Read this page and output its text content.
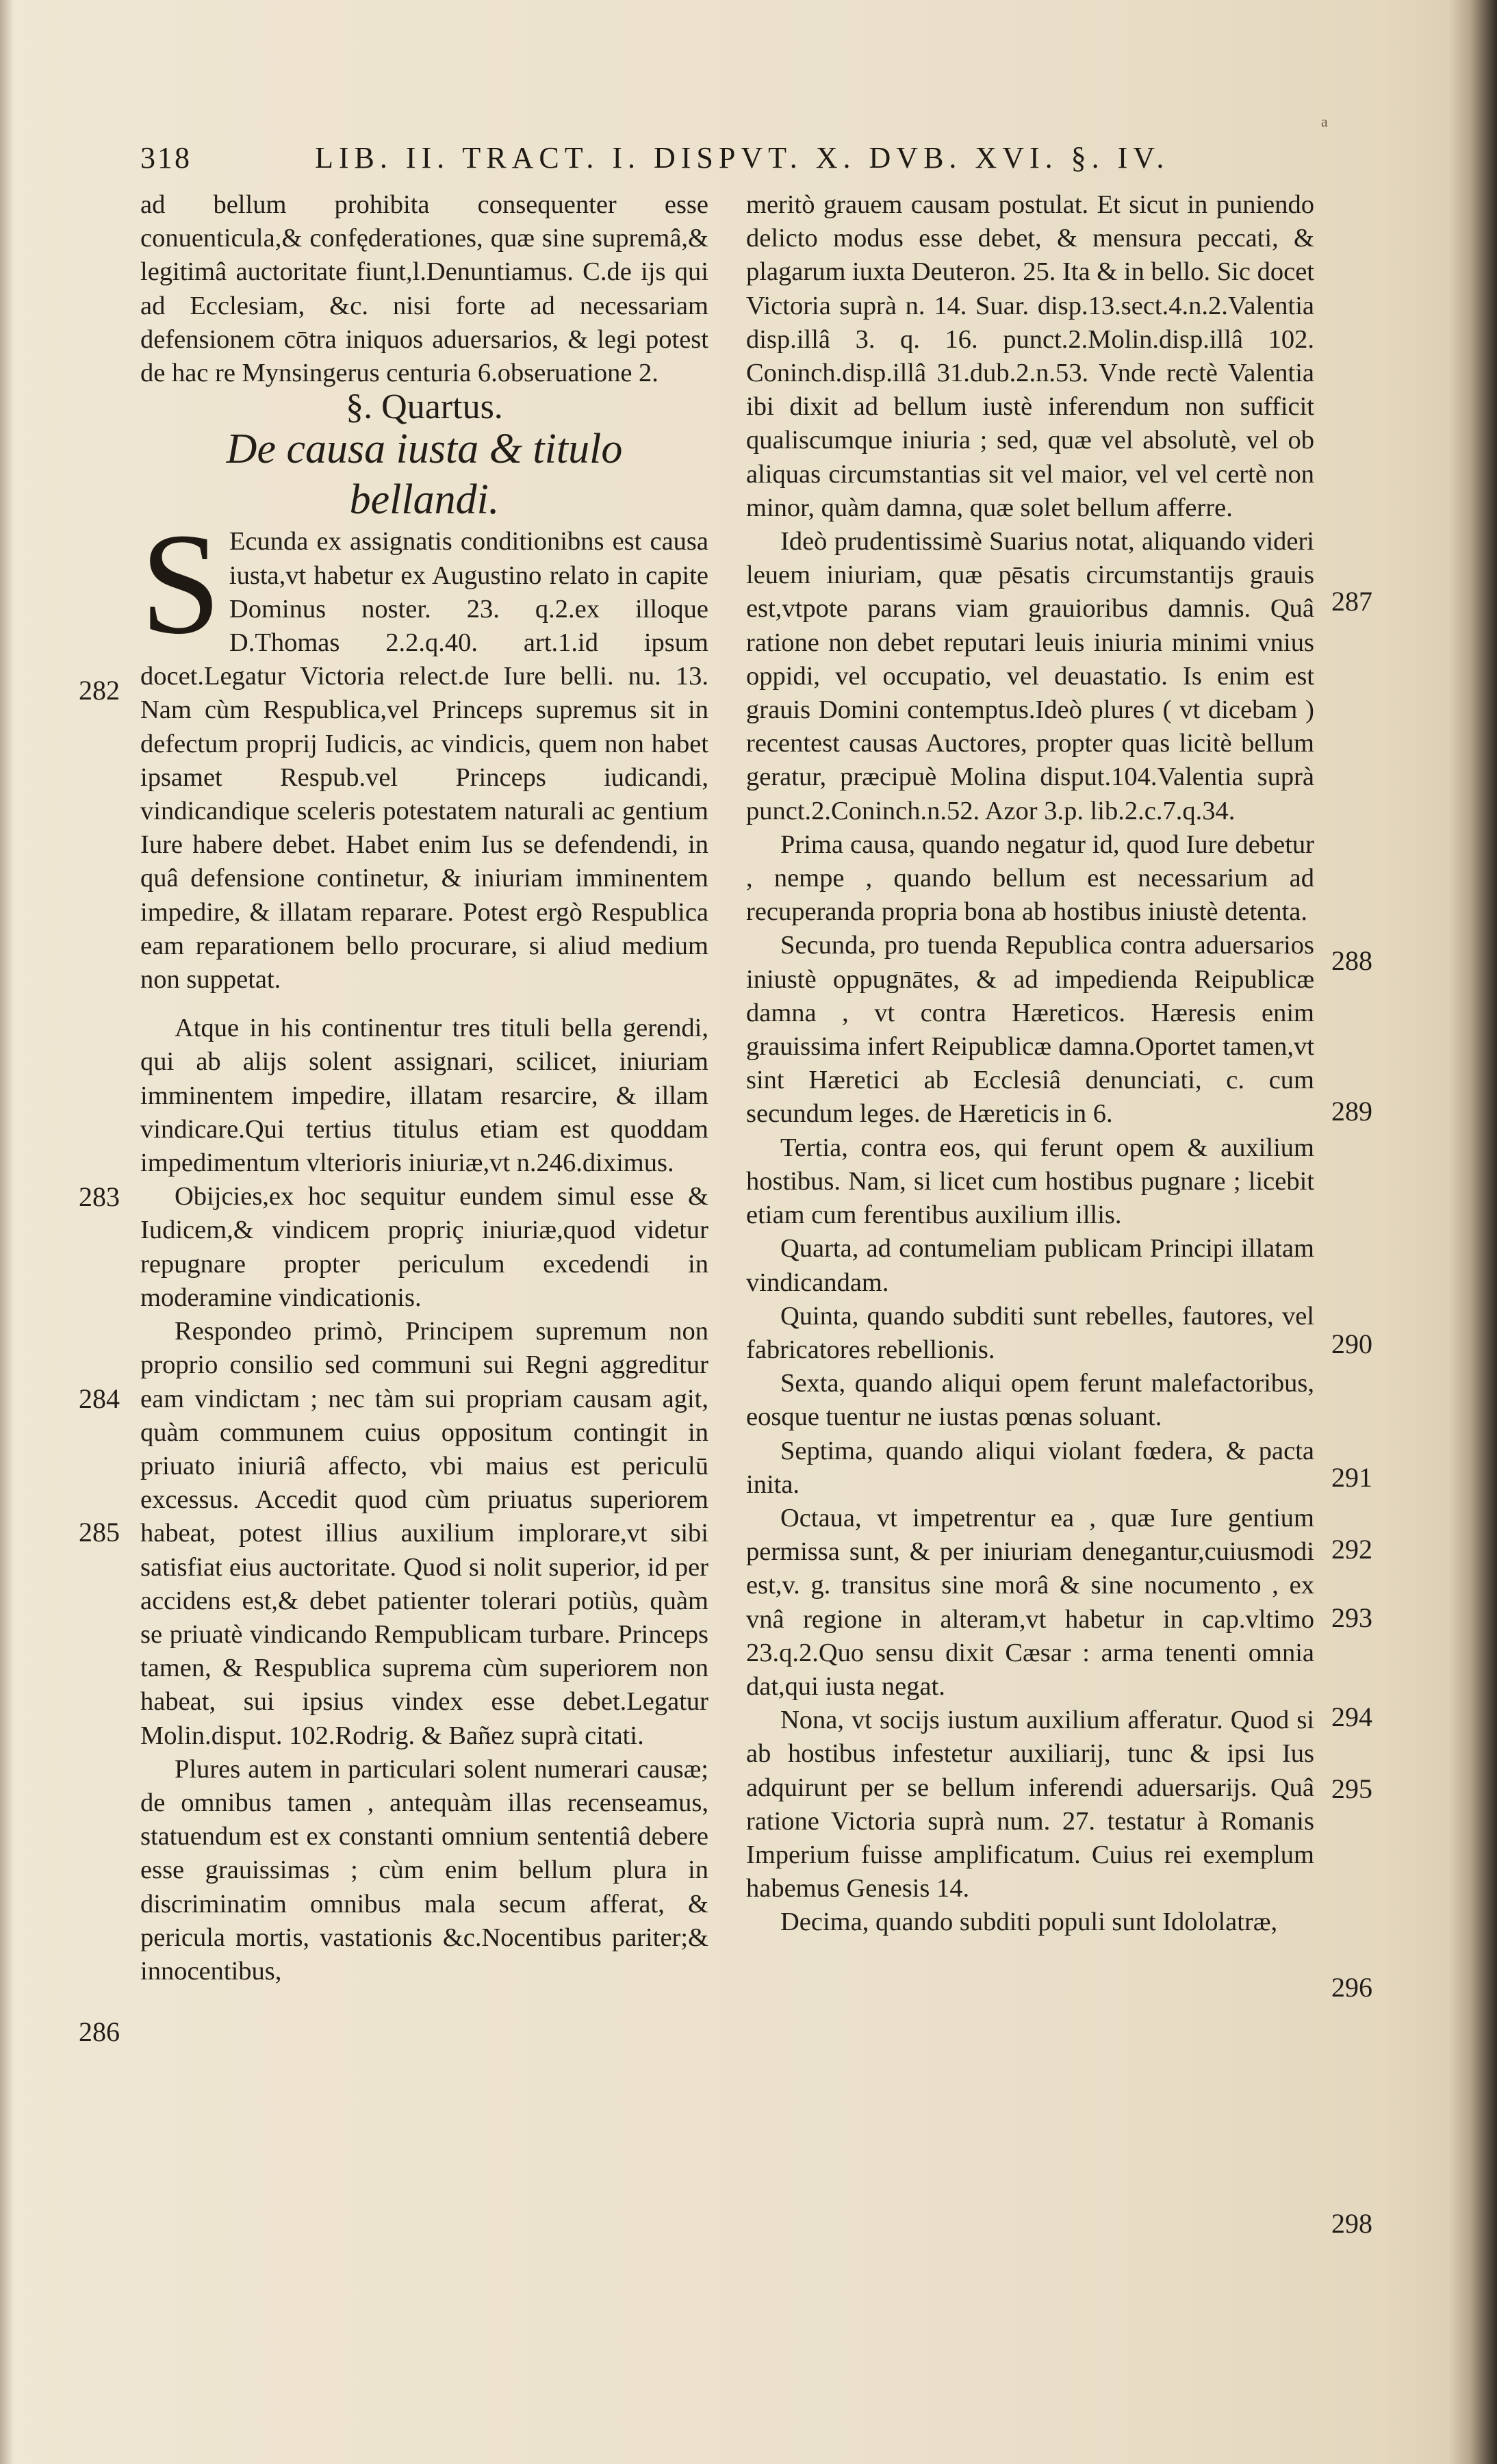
a
318	LIB. II. TRACT. I. DISPVT. X. DVB. XVI. §. IV.

ad bellum prohibita consequenter esse conuenticula,& confęderationes, quæ sine supremâ,& legitimâ auctoritate fiunt,l.Denuntiamus. C.de ijs qui ad Ecclesiam, &c. nisi forte ad necessariam defensionem cōtra iniquos aduersarios, & legi potest de hac re Mynsingerus centuria 6.obseruatione 2.

§. Quartus.

De causa iusta & titulo
bellandi.

S Ecunda ex assignatis conditionibns est causa iusta,vt habetur ex Augustino relato in capite Dominus noster. 23. q.2.ex illoque D.Thomas 2.2.q.40. art.1.id ipsum docet.Legatur Victoria relect.de Iure belli. nu. 13. Nam cùm Respublica,vel Princeps supremus sit in defectum proprij Iudicis, ac vindicis, quem non habet ipsamet Respub.vel Princeps iudicandi, vindicandique sceleris potestatem naturali ac gentium Iure habere debet. Habet enim Ius se defendendi, in quâ defensione continetur, & iniuriam imminentem impedire, & illatam reparare. Potest ergò Respublica eam reparationem bello procurare, si aliud medium non suppetat.

Atque in his continentur tres tituli bella gerendi, qui ab alijs solent assignari, scilicet, iniuriam imminentem impedire, illatam resarcire, & illam vindicare.Qui tertius titulus etiam est quoddam impedimentum vlterioris iniuriæ,vt n.246.diximus.

Obijcies,ex hoc sequitur eundem simul esse & Iudicem,& vindicem propriç iniuriæ,quod videtur repugnare propter periculum excedendi in moderamine vindicationis.

Respondeo primò, Principem supremum non proprio consilio sed communi sui Regni aggreditur eam vindictam ; nec tàm sui propriam causam agit, quàm communem cuius oppositum contingit in priuato iniuriâ affecto, vbi maius est periculū excessus. Accedit quod cùm priuatus superiorem habeat, potest illius auxilium implorare,vt sibi satisfiat eius auctoritate. Quod si nolit superior, id per accidens est,& debet patienter tolerari potiùs, quàm se priuatè vindicando Rempublicam turbare. Princeps tamen, & Respublica suprema cùm superiorem non habeat, sui ipsius vindex esse debet.Legatur Molin.disput. 102.Rodrig. & Bañez suprà citati.

Plures autem in particulari solent numerari causæ; de omnibus tamen , antequàm illas recenseamus, statuendum est ex constanti omnium sententiâ debere esse grauissimas ; cùm enim bellum plura in discriminatim omnibus mala secum afferat, & pericula mortis, vastationis &c.Nocentibus pariter;& innocentibus,

meritò grauem causam postulat. Et sicut in puniendo delicto modus esse debet, & mensura peccati, & plagarum iuxta Deuteron. 25. Ita & in bello. Sic docet Victoria suprà n. 14. Suar. disp.13.sect.4.n.2.Valentia disp.illâ 3. q. 16. punct.2.Molin.disp.illâ 102. Coninch.disp.illâ 31.dub.2.n.53. Vnde rectè Valentia ibi dixit ad bellum iustè inferendum non sufficit qualiscumque iniuria ; sed, quæ vel absolutè, vel ob aliquas circumstantias sit vel maior, vel vel certè non minor, quàm damna, quæ solet bellum afferre.

Ideò prudentissimè Suarius notat, aliquando videri leuem iniuriam, quæ pēsatis circumstantijs grauis est,vtpote parans viam grauioribus damnis. Quâ ratione non debet reputari leuis iniuria minimi vnius oppidi, vel occupatio, vel deuastatio. Is enim est grauis Domini contemptus.Ideò plures ( vt dicebam ) recentest causas Auctores, propter quas licitè bellum geratur, præcipuè Molina disput.104.Valentia suprà punct.2.Coninch.n.52. Azor 3.p. lib.2.c.7.q.34.

Prima causa, quando negatur id, quod Iure debetur , nempe , quando bellum est necessarium ad recuperanda propria bona ab hostibus iniustè detenta.

Secunda, pro tuenda Republica contra aduersarios iniustè oppugnātes, & ad impedienda Reipublicæ damna , vt contra Hæreticos. Hæresis enim grauissima infert Reipublicæ damna.Oportet tamen,vt sint Hæretici ab Ecclesiâ denunciati, c. cum secundum leges. de Hæreticis in 6.

Tertia, contra eos, qui ferunt opem & auxilium hostibus. Nam, si licet cum hostibus pugnare ; licebit etiam cum ferentibus auxilium illis.

Quarta, ad contumeliam publicam Principi illatam vindicandam.

Quinta, quando subditi sunt rebelles, fautores, vel fabricatores rebellionis.

Sexta, quando aliqui opem ferunt malefactoribus, eosque tuentur ne iustas pœnas soluant.

Septima, quando aliqui violant fœdera, & pacta inita.

Octaua, vt impetrentur ea , quæ Iure gentium permissa sunt, & per iniuriam denegantur,cuiusmodi est,v. g. transitus sine morâ & sine nocumento , ex vnâ regione in alteram,vt habetur in cap.vltimo 23.q.2.Quo sensu dixit Cæsar : arma tenenti omnia dat,qui iusta negat.

Nona, vt socijs iustum auxilium afferatur. Quod si ab hostibus infestetur auxiliarij, tunc & ipsi Ius adquirunt per se bellum inferendi aduersarijs. Quâ ratione Victoria suprà num. 27. testatur à Romanis Imperium fuisse amplificatum. Cuius rei exemplum habemus Genesis 14.

Decima, quando subditi populi sunt Idololatræ,

282
283
284
285
286
287
288
289
290
291
292
293
294
295
296
298
